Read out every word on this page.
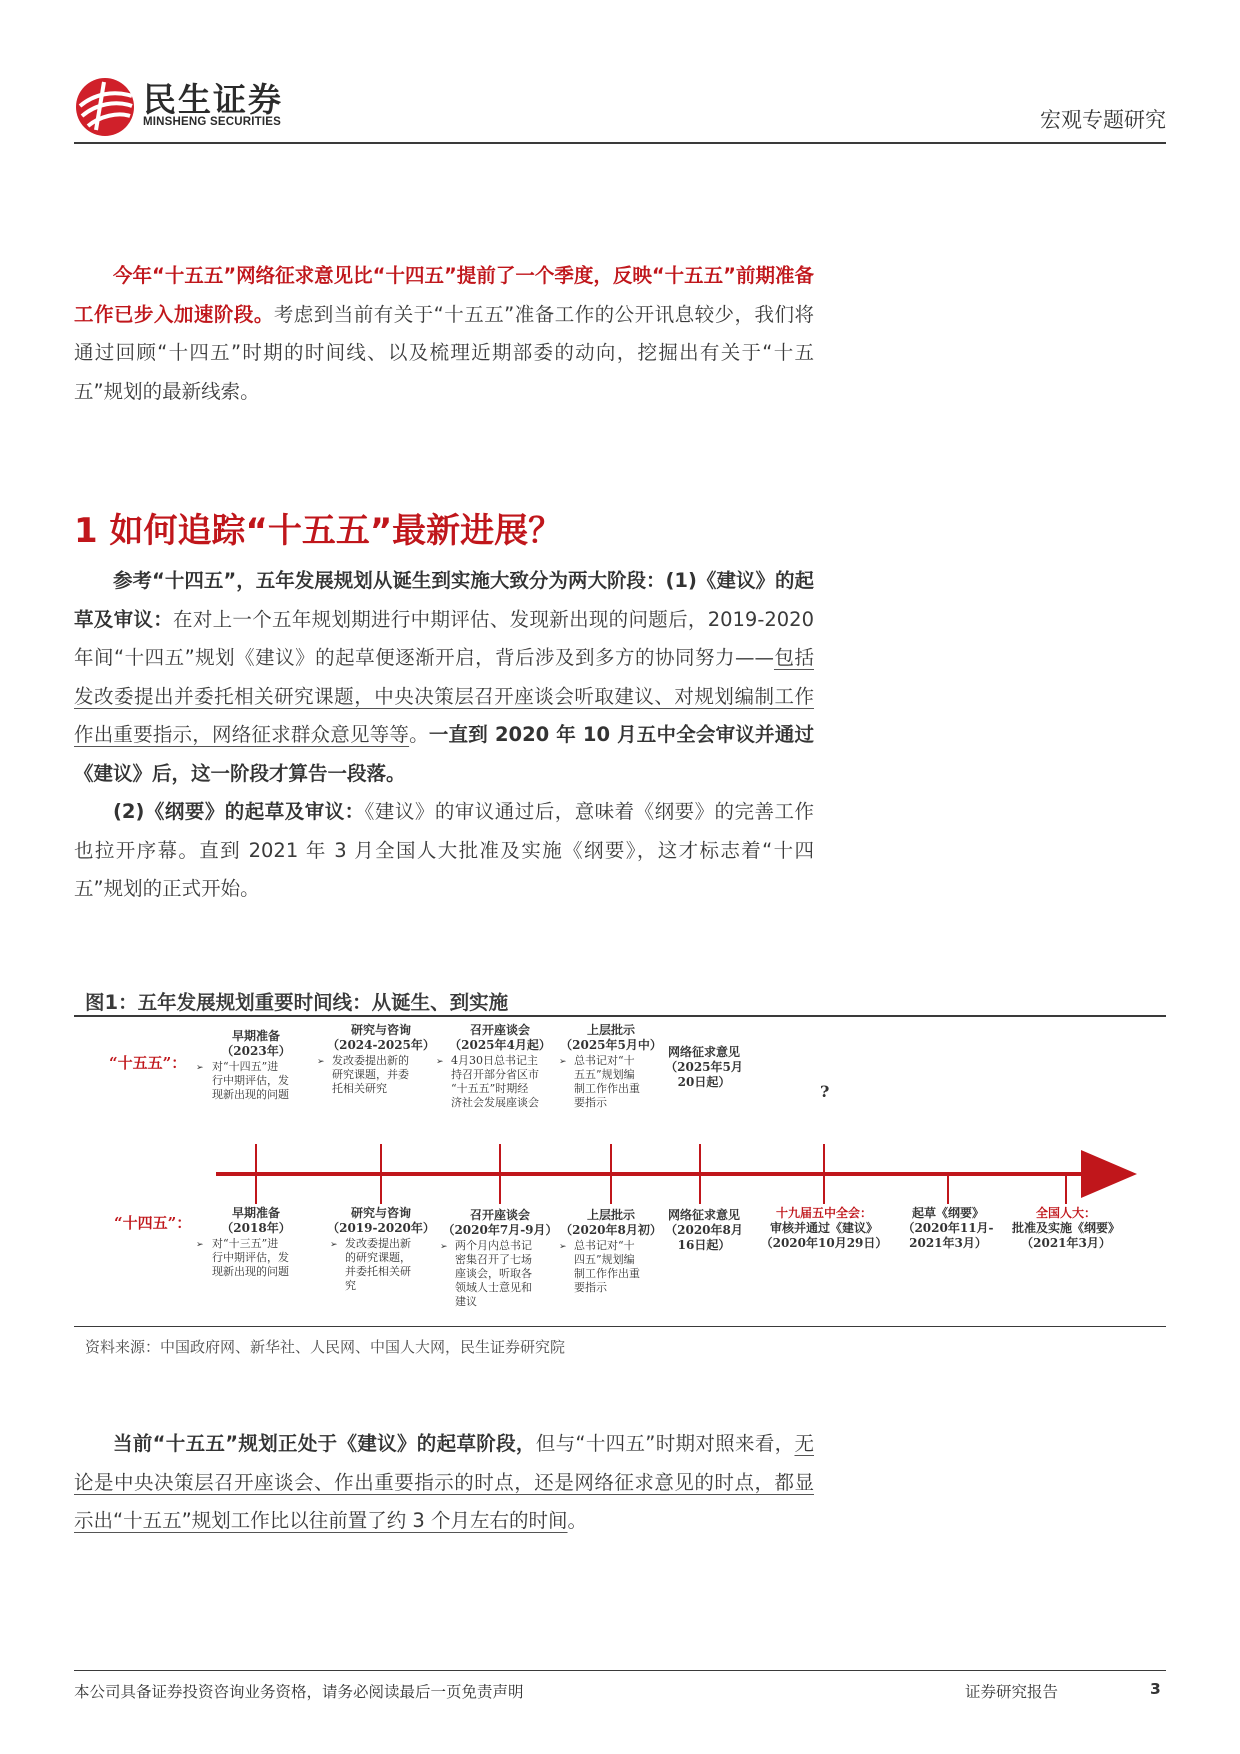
民生证券
MINSHENG SECURITIES	宏观专题研究
今年“十五五”网络征求意见比“十四五”提前了一个季度，反映“十五五”前期准备工作已步入加速阶段。考虑到当前有关于“十五五”准备工作的公开讯息较少，我们将通过回顾“十四五”时期的时间线、以及梳理近期部委的动向，挖掘出有关于“十五五”规划的最新线索。
1 如何追踪“十五五”最新进展？
参考“十四五”，五年发展规划从诞生到实施大致分为两大阶段：(1)《建议》的起草及审议：在对上一个五年规划期进行中期评估、发现新出现的问题后，2019-2020 年间“十四五”规划《建议》的起草便逐渐开启，背后涉及到多方的协同努力——包括发改委提出并委托相关研究课题，中央决策层召开座谈会听取建议、对规划编制工作作出重要指示，网络征求群众意见等等。一直到 2020 年 10 月五中全会审议并通过《建议》后，这一阶段才算告一段落。
(2)《纲要》的起草及审议：《建议》的审议通过后，意味着《纲要》的完善工作也拉开序幕。直到 2021 年 3 月全国人大批准及实施《纲要》，这才标志着“十四五”规划的正式开始。
图1：五年发展规划重要时间线：从诞生、到实施
“十五五”：
“十四五”：
早期准备
（2023年）
➢ 对“十四五”进
行中期评估，发
现新出现的问题
研究与咨询
（2024-2025年）
➢ 发改委提出新的
研究课题，并委
托相关研究
召开座谈会
（2025年4月起）
➢ 4月30日总书记主
持召开部分省区市
“十五五”时期经
济社会发展座谈会
上层批示
（2025年5月中）
➢ 总书记对“十
五五”规划编
制工作作出重
要指示
网络征求意见
（2025年5月
20日起）	?
早期准备
（2018年）
➢ 对“十三五”进
行中期评估，发
现新出现的问题
研究与咨询
（2019-2020年）
➢ 发改委提出新
的研究课题，
并委托相关研
究
召开座谈会
（2020年7月-9月）
➢ 两个月内总书记
密集召开了七场
座谈会，听取各
领域人士意见和
建议
上层批示
（2020年8月初）
➢ 总书记对“十
四五”规划编
制工作作出重
要指示
网络征求意见
（2020年8月
16日起）
十九届五中全会：
审核并通过《建议》
（2020年10月29日）
起草《纲要》
（2020年11月-
2021年3月）
全国人大：
批准及实施《纲要》
（2021年3月）
资料来源：中国政府网、新华社、人民网、中国人大网，民生证券研究院
当前“十五五”规划正处于《建议》的起草阶段，但与“十四五”时期对照来看，无论是中央决策层召开座谈会、作出重要指示的时点，还是网络征求意见的时点，都显示出“十五五”规划工作比以往前置了约 3 个月左右的时间。
本公司具备证券投资咨询业务资格，请务必阅读最后一页免责声明	证券研究报告	3
